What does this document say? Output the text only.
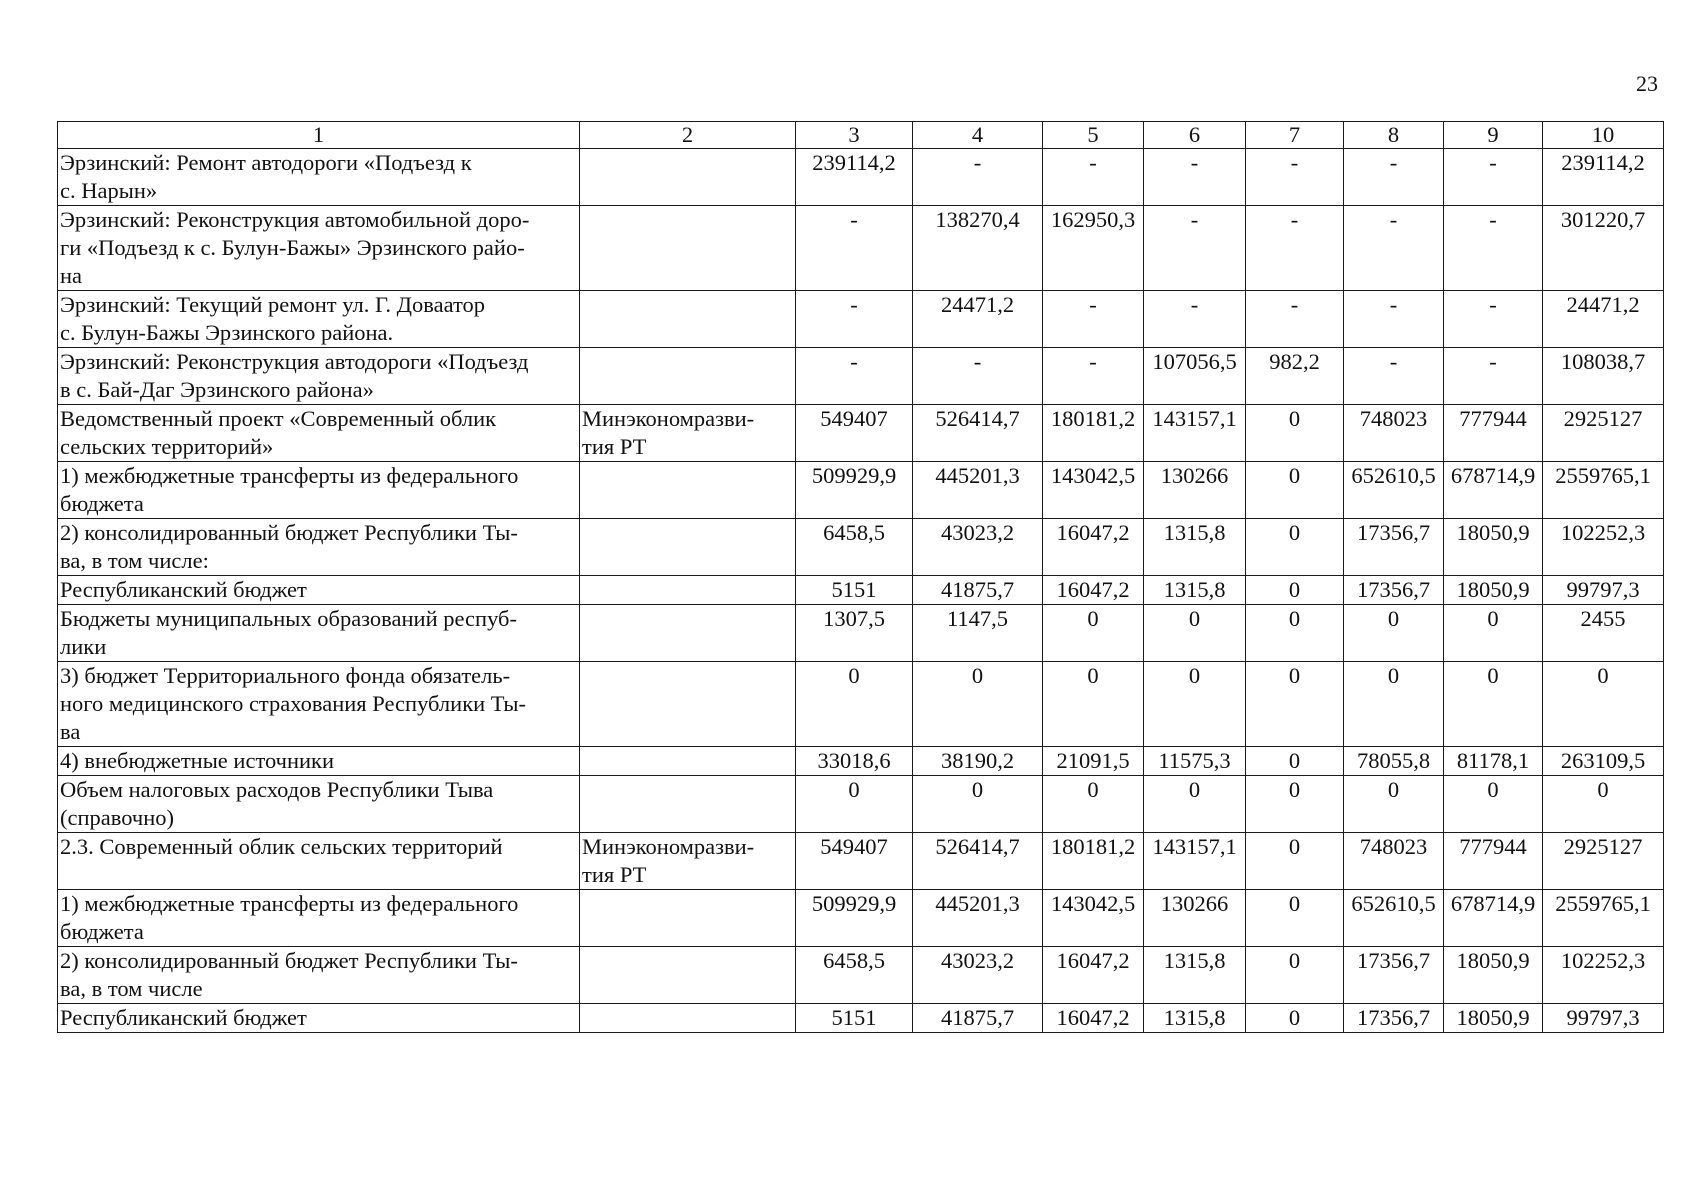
23
1	2	3	4	5	6	7	8	9	10
Эрзинский: Ремонт автодороги «Подъезд к
с. Нарын»		239114,2	-	-	-	-	-	-	239114,2
Эрзинский: Реконструкция автомобильной доро-
ги «Подъезд к с. Булун-Бажы» Эрзинского райо-
на		-	138270,4	162950,3	-	-	-	-	301220,7
Эрзинский: Текущий ремонт ул. Г. Доваатор
с. Булун-Бажы Эрзинского района.		-	24471,2	-	-	-	-	-	24471,2
Эрзинский: Реконструкция автодороги «Подъезд
в с. Бай-Даг Эрзинского района»		-	-	-	107056,5	982,2	-	-	108038,7
Ведомственный проект «Современный облик
сельских территорий»	Минэкономразви-
тия РТ	549407	526414,7	180181,2	143157,1	0	748023	777944	2925127
1) межбюджетные трансферты из федерального
бюджета		509929,9	445201,3	143042,5	130266	0	652610,5	678714,9	2559765,1
2) консолидированный бюджет Республики Ты-
ва, в том числе:		6458,5	43023,2	16047,2	1315,8	0	17356,7	18050,9	102252,3
Республиканский бюджет		5151	41875,7	16047,2	1315,8	0	17356,7	18050,9	99797,3
Бюджеты муниципальных образований респуб-
лики		1307,5	1147,5	0	0	0	0	0	2455
3) бюджет Территориального фонда обязатель-
ного медицинского страхования Республики Ты-
ва		0	0	0	0	0	0	0	0
4) внебюджетные источники		33018,6	38190,2	21091,5	11575,3	0	78055,8	81178,1	263109,5
Объем налоговых расходов Республики Тыва
(справочно)		0	0	0	0	0	0	0	0
2.3. Современный облик сельских территорий	Минэкономразви-
тия РТ	549407	526414,7	180181,2	143157,1	0	748023	777944	2925127
1) межбюджетные трансферты из федерального
бюджета		509929,9	445201,3	143042,5	130266	0	652610,5	678714,9	2559765,1
2) консолидированный бюджет Республики Ты-
ва, в том числе		6458,5	43023,2	16047,2	1315,8	0	17356,7	18050,9	102252,3
Республиканский бюджет		5151	41875,7	16047,2	1315,8	0	17356,7	18050,9	99797,3
